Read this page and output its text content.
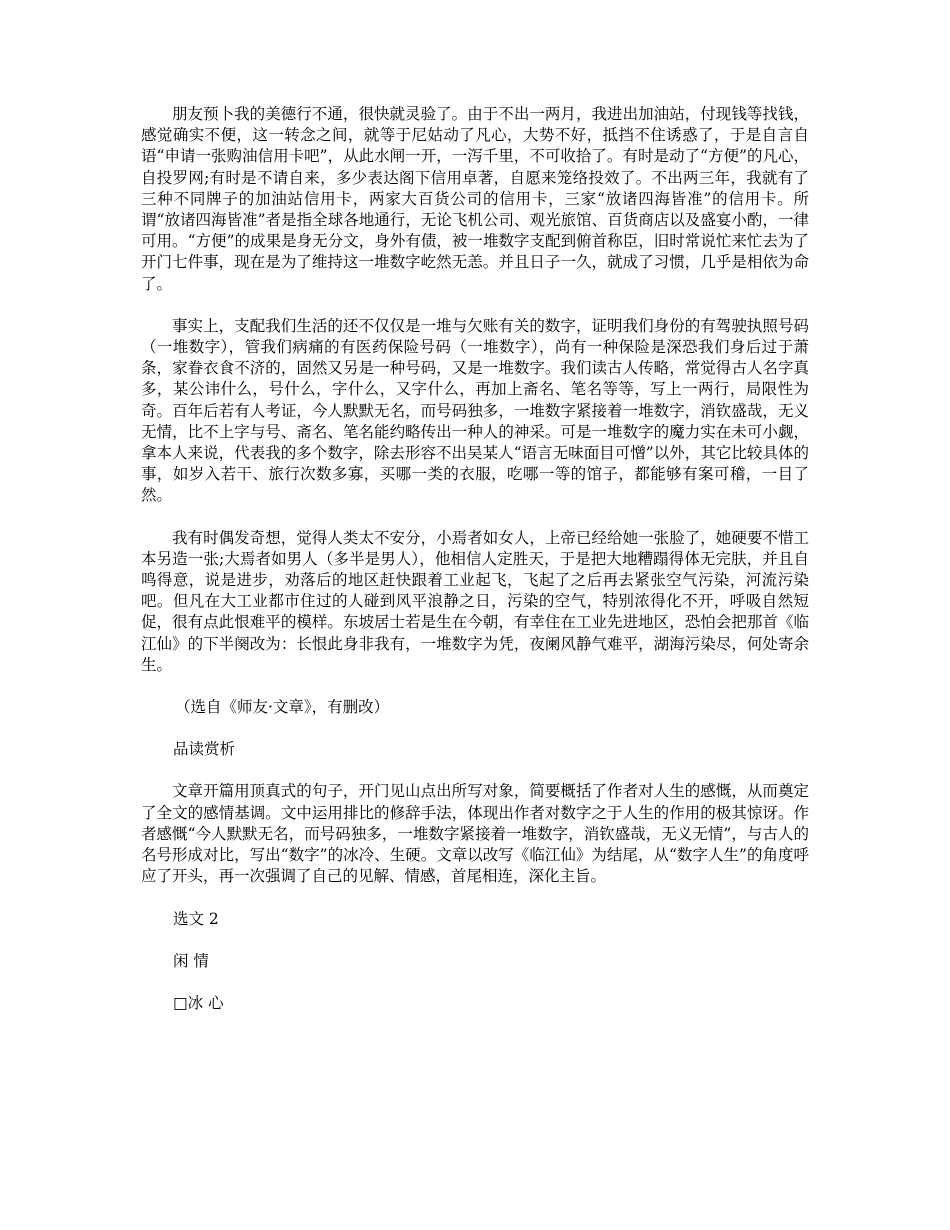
朋友预卜我的美德行不通，很快就灵验了。由于不出一两月，我进出加油站，付现钱等找钱，感觉确实不便，这一转念之间，就等于尼姑动了凡心，大势不好，抵挡不住诱惑了，于是自言自语“申请一张购油信用卡吧”，从此水闸一开，一泻千里，不可收拾了。有时是动了“方便”的凡心，自投罗网;有时是不请自来，多少表达阁下信用卓著，自愿来笼络投效了。不出两三年，我就有了三种不同牌子的加油站信用卡，两家大百货公司的信用卡，三家“放诸四海皆准”的信用卡。所谓“放诸四海皆准”者是指全球各地通行，无论飞机公司、观光旅馆、百货商店以及盛宴小酌，一律可用。“方便”的成果是身无分文，身外有债，被一堆数字支配到俯首称臣，旧时常说忙来忙去为了开门七件事，现在是为了维持这一堆数字屹然无恙。并且日子一久，就成了习惯，几乎是相依为命了。

事实上，支配我们生活的还不仅仅是一堆与欠账有关的数字，证明我们身份的有驾驶执照号码（一堆数字），管我们病痛的有医药保险号码（一堆数字），尚有一种保险是深恐我们身后过于萧条，家眷衣食不济的，固然又另是一种号码，又是一堆数字。我们读古人传略，常觉得古人名字真多，某公讳什么，号什么，字什么，又字什么，再加上斋名、笔名等等，写上一两行，局限性为奇。百年后若有人考证，今人默默无名，而号码独多，一堆数字紧接着一堆数字，消钦盛哉，无义无情，比不上字与号、斋名、笔名能约略传出一种人的神采。可是一堆数字的魔力实在未可小觑，拿本人来说，代表我的多个数字，除去形容不出吴某人“语言无味面目可憎”以外，其它比较具体的事，如岁入若干、旅行次数多寡，买哪一类的衣服，吃哪一等的馆子，都能够有案可稽，一目了然。

我有时偶发奇想，觉得人类太不安分，小焉者如女人，上帝已经给她一张脸了，她硬要不惜工本另造一张;大焉者如男人（多半是男人），他相信人定胜天，于是把大地糟蹋得体无完肤，并且自鸣得意，说是进步，劝落后的地区赶快跟着工业起飞，飞起了之后再去紧张空气污染，河流污染吧。但凡在大工业都市住过的人碰到风平浪静之日，污染的空气，特别浓得化不开，呼吸自然短促，很有点此恨难平的模样。东坡居士若是生在今朝，有幸住在工业先进地区，恐怕会把那首《临江仙》的下半阕改为：长恨此身非我有，一堆数字为凭，夜阑风静气难平，湖海污染尽，何处寄余生。

（选自《师友·文章》，有删改）

品读赏析

文章开篇用顶真式的句子，开门见山点出所写对象，简要概括了作者对人生的感慨，从而奠定了全文的感情基调。文中运用排比的修辞手法，体现出作者对数字之于人生的作用的极其惊讶。作者感慨“今人默默无名，而号码独多，一堆数字紧接着一堆数字，消钦盛哉，无义无情”，与古人的名号形成对比，写出“数字”的冰冷、生硬。文章以改写《临江仙》为结尾，从“数字人生”的角度呼应了开头，再一次强调了自己的见解、情感，首尾相连，深化主旨。

选文 2

闲 情

□冰 心
